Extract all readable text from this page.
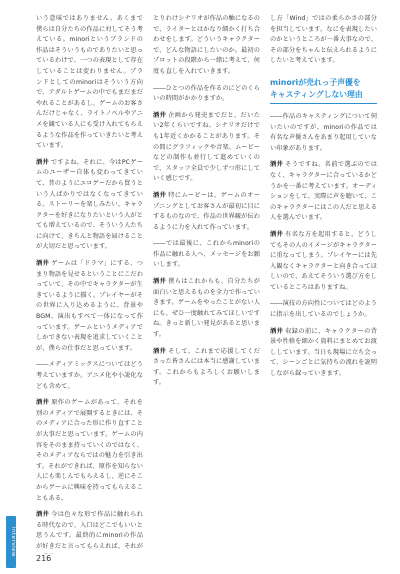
interview

いう意味ではありません。あくまで僕らは自分たちの作品に対してそう考えている。minoriというブランドの作品はそういうものでありたいと思っているわけで、一つの表現として存在していることは変わりません。ブランドとしてのminoriはそういう方向で、アダルトゲームの中でもまだまだやれることがあるし、ゲームのお客さんだけじゃなく、ライトノベルやアニメを観ている人にも受け入れてもらえるような作品を作っていきたいと考えています。

酒井 ですよね。それに、今はPCゲームのユーザー自体も変わってきていて、昔のようにエロゲーだから買うという人ばかりではなくなってきている。ストーリーを楽しみたい、キャラクターを好きになりたいという人がとても増えているので、そういう人たちに向けて、きちんと物語を届けることが大切だと思っています。

酒井 ゲームは「ドラマ」にする、つまり物語を見せるということにこだわっていて、その中でキャラクターが生きているように描く。プレイヤーがその世界に入り込めるように、背景やBGM、演出もすべて一体になって作っています。ゲームというメディアでしかできない表現を追求していくことが、僕らの仕事だと思っています。

――メディアミックスについてはどう考えていますか。アニメ化や小説化なども含めて。

酒井 原作のゲームがあって、それを別のメディアで展開するときには、そのメディアに合った形に作り直すことが大事だと思っています。ゲームの内容をそのまま持っていくのではなく、そのメディアならではの魅力を引き出す。それができれば、原作を知らない人にも楽しんでもらえるし、逆にそこからゲームに興味を持ってもらえることもある。

酒井 今は色々な形で作品に触れられる時代なので、入口はどこでもいいと思うんです。最終的にminoriの作品が好きだと言ってもらえれば、それが

とりわけシナリオが作品の軸になるので、ライターとはかなり細かく打ち合わせをします。どういうキャラクターで、どんな物語にしたいのか。最初のプロットの段階から一緒に考えて、何度も直しを入れていきます。

――ひとつの作品を作るのにどのくらいの時間がかかりますか。

酒井 企画から発売までだと、だいたい2年くらいですね。シナリオだけでも1年近くかかることがあります。その間にグラフィックや音楽、ムービーなどの制作も並行して進めていくので、スタッフ全員で少しずつ形にしていく感じです。

酒井 特にムービーは、ゲームのオープニングとしてお客さんが最初に目にするものなので、作品の世界観が伝わるように力を入れて作っています。

――では最後に、これからminoriの作品に触れる人へ、メッセージをお願いします。

酒井 僕らはこれからも、自分たちが面白いと思えるものを全力で作っていきます。ゲームをやったことがない人にも、ぜひ一度触れてみてほしいですね。きっと新しい発見があると思います。

酒井 そして、これまで応援してくださった皆さんには本当に感謝しています。これからもよろしくお願いします。

し方「Wind」ではの柔らかさの部分を担当しています。なにを表現したいのかというところが一番大事なので、その部分をちゃんと伝えられるようにしたいと考えています。

minoriが売れっ子声優を
キャスティングしない理由

――作品のキャスティングについて伺いたいのですが、minoriの作品では有名な声優さんをあまり起用していない印象があります。

酒井 そうですね。名前で選ぶのではなく、キャラクターに合っているかどうかを一番に考えています。オーディションをして、実際に声を聴いて、このキャラクターにはこの人だと思える人を選んでいます。

酒井 有名な方を起用すると、どうしてもその人のイメージがキャラクターに重なってしまう。プレイヤーには先入観なくキャラクターと向き合ってほしいので、あえてそういう選び方をしているところはありますね。

――演技の方向性についてはどのように指示を出しているのでしょうか。

酒井 収録の前に、キャラクターの背景や性格を細かく資料にまとめてお渡ししています。当日も現場に立ち会って、シーンごとに気持ちの流れを説明しながら録っていきます。

216
